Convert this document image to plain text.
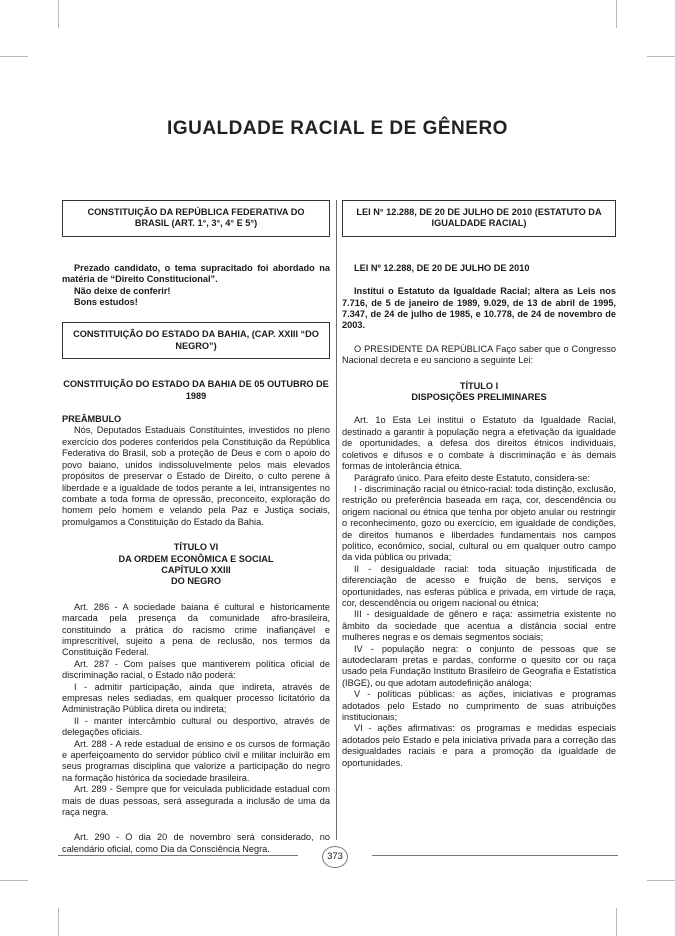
IGUALDADE RACIAL E DE GÊNERO
CONSTITUIÇÃO DA REPÚBLICA FEDERATIVA DO BRASIL (ART. 1°, 3°, 4° E 5°)

Prezado candidato, o tema supracitado foi abordado na matéria de “Direito Constitucional”.

Não deixe de conferir!

Bons estudos!

CONSTITUIÇÃO DO ESTADO DA BAHIA, (CAP. XXIII “DO NEGRO”)
CONSTITUIÇÃO DO ESTADO DA BAHIA DE 05 OUTUBRO DE 1989
PREÂMBULO

Nós, Deputados Estaduais Constituintes, investidos no pleno exercício dos poderes conferidos pela Constituição da República Federativa do Brasil, sob a proteção de Deus e com o apoio do povo baiano, unidos indissoluvelmente pelos mais elevados propósitos de preservar o Estado de Direito, o culto perene à liberdade e a igualdade de todos perante a lei, intransigentes no combate a toda forma de opressão, preconceito, exploração do homem pelo homem e velando pela Paz e Justiça sociais, promulgamos a Constituição do Estado da Bahia.

TÍTULO VI
DA ORDEM ECONÔMICA E SOCIAL
CAPÍTULO XXIII
DO NEGRO

Art. 286 - A sociedade baiana é cultural e historicamente marcada pela presença da comunidade afro-brasileira, constituindo a prática do racismo crime inafiançável e imprescritível, sujeito a pena de reclusão, nos termos da Constituição Federal.

Art. 287 - Com países que mantiverem política oficial de discriminação racial, o Estado não poderá:

I - admitir participação, ainda que indireta, através de empresas neles sediadas, em qualquer processo licitatório da Administração Pública direta ou indireta;

II - manter intercâmbio cultural ou desportivo, através de delegações oficiais.

Art. 288 - A rede estadual de ensino e os cursos de formação e aperfeiçoamento do servidor público civil e militar incluirão em seus programas disciplina que valorize a participação do negro na formação histórica da sociedade brasileira.

Art. 289 - Sempre que for veiculada publicidade estadual com mais de duas pessoas, será assegurada a inclusão de uma da raça negra.

Art. 290 - O dia 20 de novembro será considerado, no calendário oficial, como Dia da Consciência Negra.

LEI N° 12.288, DE 20 DE JULHO DE 2010 (ESTATUTO DA IGUALDADE RACIAL)

LEI Nº 12.288, DE 20 DE JULHO DE 2010

Institui o Estatuto da Igualdade Racial; altera as Leis nos 7.716, de 5 de janeiro de 1989, 9.029, de 13 de abril de 1995, 7.347, de 24 de julho de 1985, e 10.778, de 24 de novembro de 2003.

O PRESIDENTE DA REPÚBLICA Faço saber que o Congresso Nacional decreta e eu sanciono a seguinte Lei:

TÍTULO I
DISPOSIÇÕES PRELIMINARES

Art. 1o Esta Lei institui o Estatuto da Igualdade Racial, destinado a garantir à população negra a efetivação da igualdade de oportunidades, a defesa dos direitos étnicos individuais, coletivos e difusos e o combate à discriminação e às demais formas de intolerância étnica.

Parágrafo único. Para efeito deste Estatuto, considera-se:

I - discriminação racial ou étnico-racial: toda distinção, exclusão, restrição ou preferência baseada em raça, cor, descendência ou origem nacional ou étnica que tenha por objeto anular ou restringir o reconhecimento, gozo ou exercício, em igualdade de condições, de direitos humanos e liberdades fundamentais nos campos político, econômico, social, cultural ou em qualquer outro campo da vida pública ou privada;

II - desigualdade racial: toda situação injustificada de diferenciação de acesso e fruição de bens, serviços e oportunidades, nas esferas pública e privada, em virtude de raça, cor, descendência ou origem nacional ou étnica;

III - desigualdade de gênero e raça: assimetria existente no âmbito da sociedade que acentua a distância social entre mulheres negras e os demais segmentos sociais;

IV - população negra: o conjunto de pessoas que se autodeclaram pretas e pardas, conforme o quesito cor ou raça usado pela Fundação Instituto Brasileiro de Geografia e Estatística (IBGE), ou que adotam autodefinição análoga;

V - políticas públicas: as ações, iniciativas e programas adotados pelo Estado no cumprimento de suas atribuições institucionais;

VI - ações afirmativas: os programas e medidas especiais adotados pelo Estado e pela iniciativa privada para a correção das desigualdades raciais e para a promoção da igualdade de oportunidades.

373
